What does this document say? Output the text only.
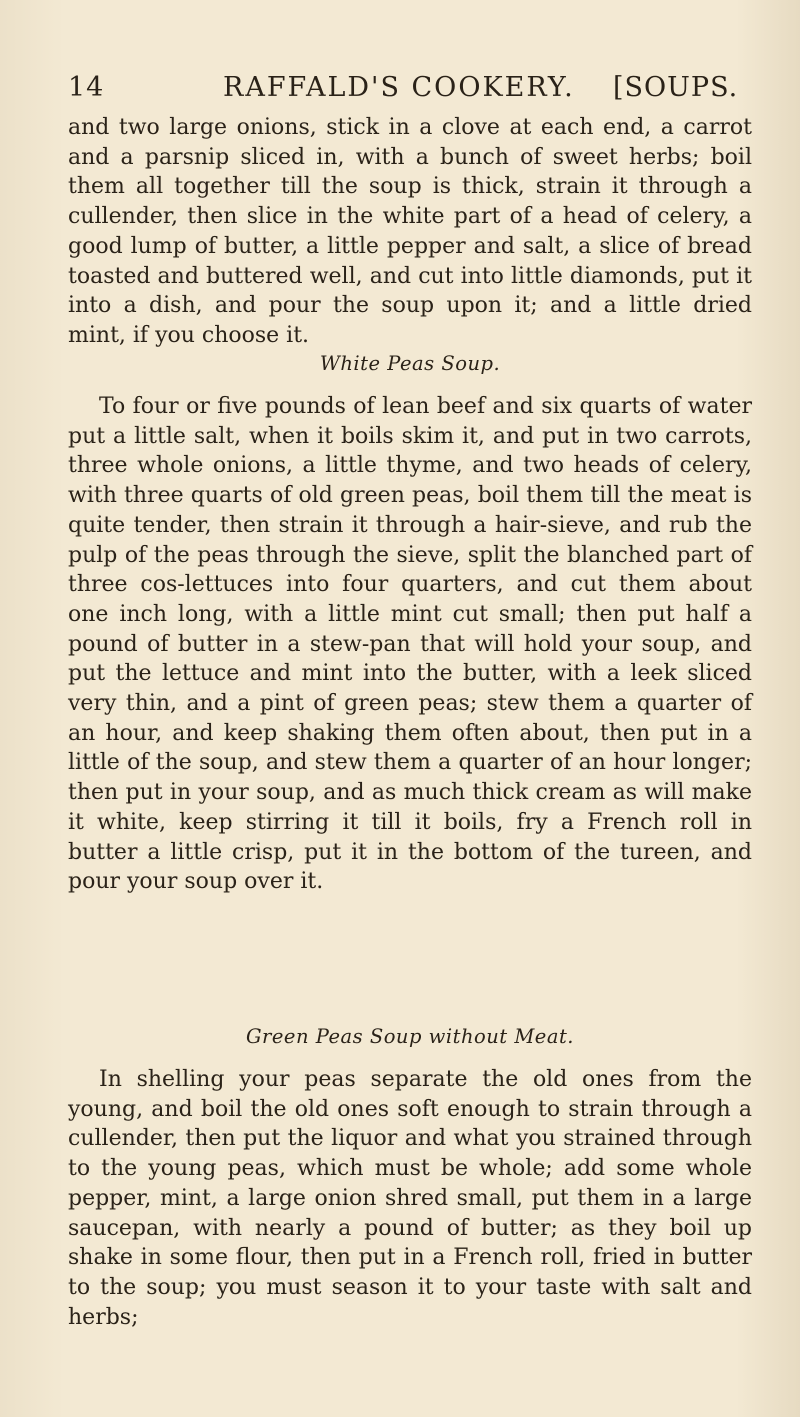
14	RAFFALD'S COOKERY. [SOUPS.
and two large onions, stick in a clove at each end, a carrot and a parsnip sliced in, with a bunch of sweet herbs; boil them all together till the soup is thick, strain it through a cullender, then slice in the white part of a head of celery, a good lump of butter, a little pepper and salt, a slice of bread toasted and buttered well, and cut into little diamonds, put it into a dish, and pour the soup upon it; and a little dried mint, if you choose it.
White Peas Soup.
To four or five pounds of lean beef and six quarts of water put a little salt, when it boils skim it, and put in two carrots, three whole onions, a little thyme, and two heads of celery, with three quarts of old green peas, boil them till the meat is quite tender, then strain it through a hair-sieve, and rub the pulp of the peas through the sieve, split the blanched part of three cos-lettuces into four quarters, and cut them about one inch long, with a little mint cut small; then put half a pound of butter in a stew-pan that will hold your soup, and put the lettuce and mint into the butter, with a leek sliced very thin, and a pint of green peas; stew them a quarter of an hour, and keep shaking them often about, then put in a little of the soup, and stew them a quarter of an hour longer; then put in your soup, and as much thick cream as will make it white, keep stirring it till it boils, fry a French roll in butter a little crisp, put it in the bottom of the tureen, and pour your soup over it.
Green Peas Soup without Meat.
In shelling your peas separate the old ones from the young, and boil the old ones soft enough to strain through a cullender, then put the liquor and what you strained through to the young peas, which must be whole; add some whole pepper, mint, a large onion shred small, put them in a large saucepan, with nearly a pound of butter; as they boil up shake in some flour, then put in a French roll, fried in butter to the soup; you must season it to your taste with salt and herbs;
